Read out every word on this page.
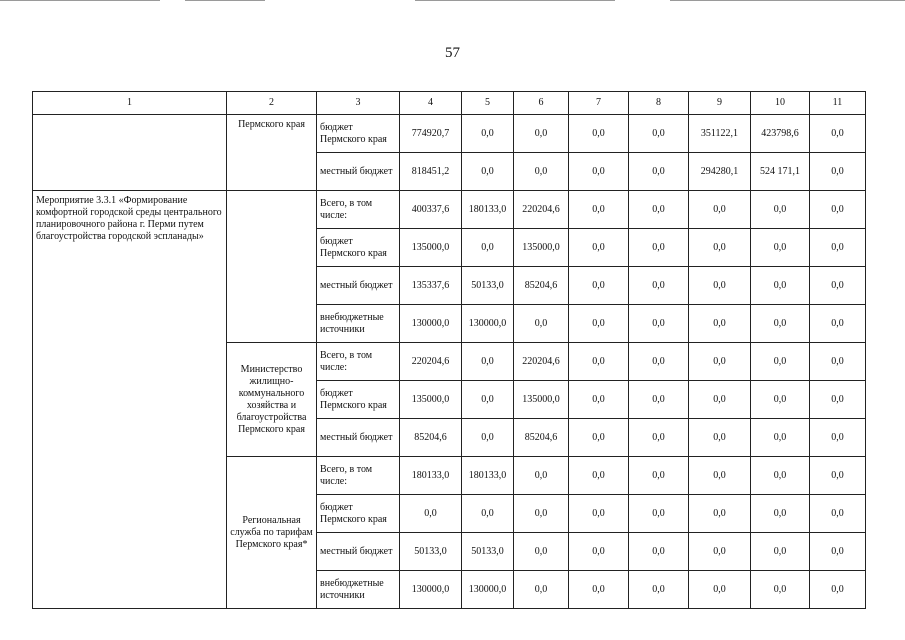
57
1	2	3	4	5	6	7	8	9	10	11
	Пермского края	бюджет Пермского края	774920,7	0,0	0,0	0,0	0,0	351122,1	423798,6	0,0
		местный бюджет	818451,2	0,0	0,0	0,0	0,0	294280,1	524 171,1	0,0
Мероприятие 3.3.1 «Формирование комфортной городской среды центрального планировочного района г. Перми путем благоустройства городской эспланады»		Всего, в том числе:	400337,6	180133,0	220204,6	0,0	0,0	0,0	0,0	0,0
		бюджет Пермского края	135000,0	0,0	135000,0	0,0	0,0	0,0	0,0	0,0
		местный бюджет	135337,6	50133,0	85204,6	0,0	0,0	0,0	0,0	0,0
		внебюджетные источники	130000,0	130000,0	0,0	0,0	0,0	0,0	0,0	0,0
	Министерство жилищно-коммунального хозяйства и благоустройства Пермского края	Всего, в том числе:	220204,6	0,0	220204,6	0,0	0,0	0,0	0,0	0,0
		бюджет Пермского края	135000,0	0,0	135000,0	0,0	0,0	0,0	0,0	0,0
		местный бюджет	85204,6	0,0	85204,6	0,0	0,0	0,0	0,0	0,0
	Региональная служба по тарифам Пермского края*	Всего, в том числе:	180133,0	180133,0	0,0	0,0	0,0	0,0	0,0	0,0
		бюджет Пермского края	0,0	0,0	0,0	0,0	0,0	0,0	0,0	0,0
		местный бюджет	50133,0	50133,0	0,0	0,0	0,0	0,0	0,0	0,0
		внебюджетные источники	130000,0	130000,0	0,0	0,0	0,0	0,0	0,0	0,0
